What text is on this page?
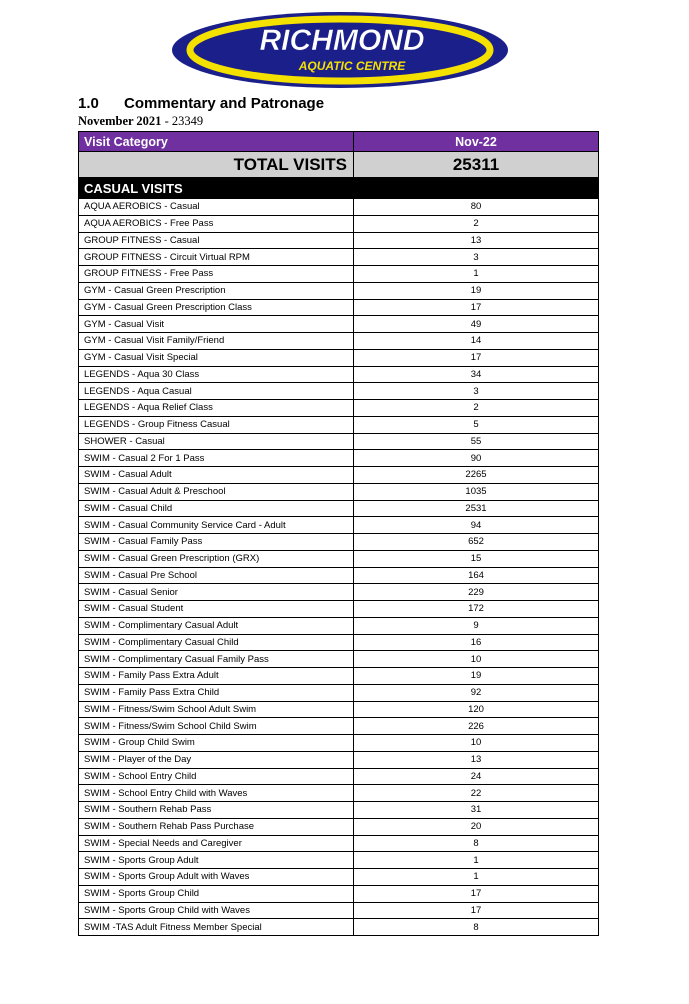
RICHMOND
AQUATIC CENTRE
1.0 Commentary and Patronage
November 2021 - 23349
Visit Category	Nov-22
TOTAL VISITS	25311
CASUAL VISITS	
AQUA AEROBICS - Casual	80
AQUA AEROBICS - Free Pass	2
GROUP FITNESS - Casual	13
GROUP FITNESS - Circuit Virtual RPM	3
GROUP FITNESS - Free Pass	1
GYM - Casual Green Prescription	19
GYM - Casual Green Prescription Class	17
GYM - Casual Visit	49
GYM - Casual Visit Family/Friend	14
GYM - Casual Visit Special	17
LEGENDS - Aqua 30 Class	34
LEGENDS - Aqua Casual	3
LEGENDS - Aqua Relief Class	2
LEGENDS - Group Fitness Casual	5
SHOWER - Casual	55
SWIM - Casual 2 For 1 Pass	90
SWIM - Casual Adult	2265
SWIM - Casual Adult & Preschool	1035
SWIM - Casual Child	2531
SWIM - Casual Community Service Card - Adult	94
SWIM - Casual Family Pass	652
SWIM - Casual Green Prescription (GRX)	15
SWIM - Casual Pre School	164
SWIM - Casual Senior	229
SWIM - Casual Student	172
SWIM - Complimentary Casual Adult	9
SWIM - Complimentary Casual Child	16
SWIM - Complimentary Casual Family Pass	10
SWIM - Family Pass Extra Adult	19
SWIM - Family Pass Extra Child	92
SWIM - Fitness/Swim School Adult Swim	120
SWIM - Fitness/Swim School Child Swim	226
SWIM - Group Child Swim	10
SWIM - Player of the Day	13
SWIM - School Entry Child	24
SWIM - School Entry Child with Waves	22
SWIM - Southern Rehab Pass	31
SWIM - Southern Rehab Pass Purchase	20
SWIM - Special Needs and Caregiver	8
SWIM - Sports Group Adult	1
SWIM - Sports Group Adult with Waves	1
SWIM - Sports Group Child	17
SWIM - Sports Group Child with Waves	17
SWIM -TAS Adult Fitness Member Special	8
